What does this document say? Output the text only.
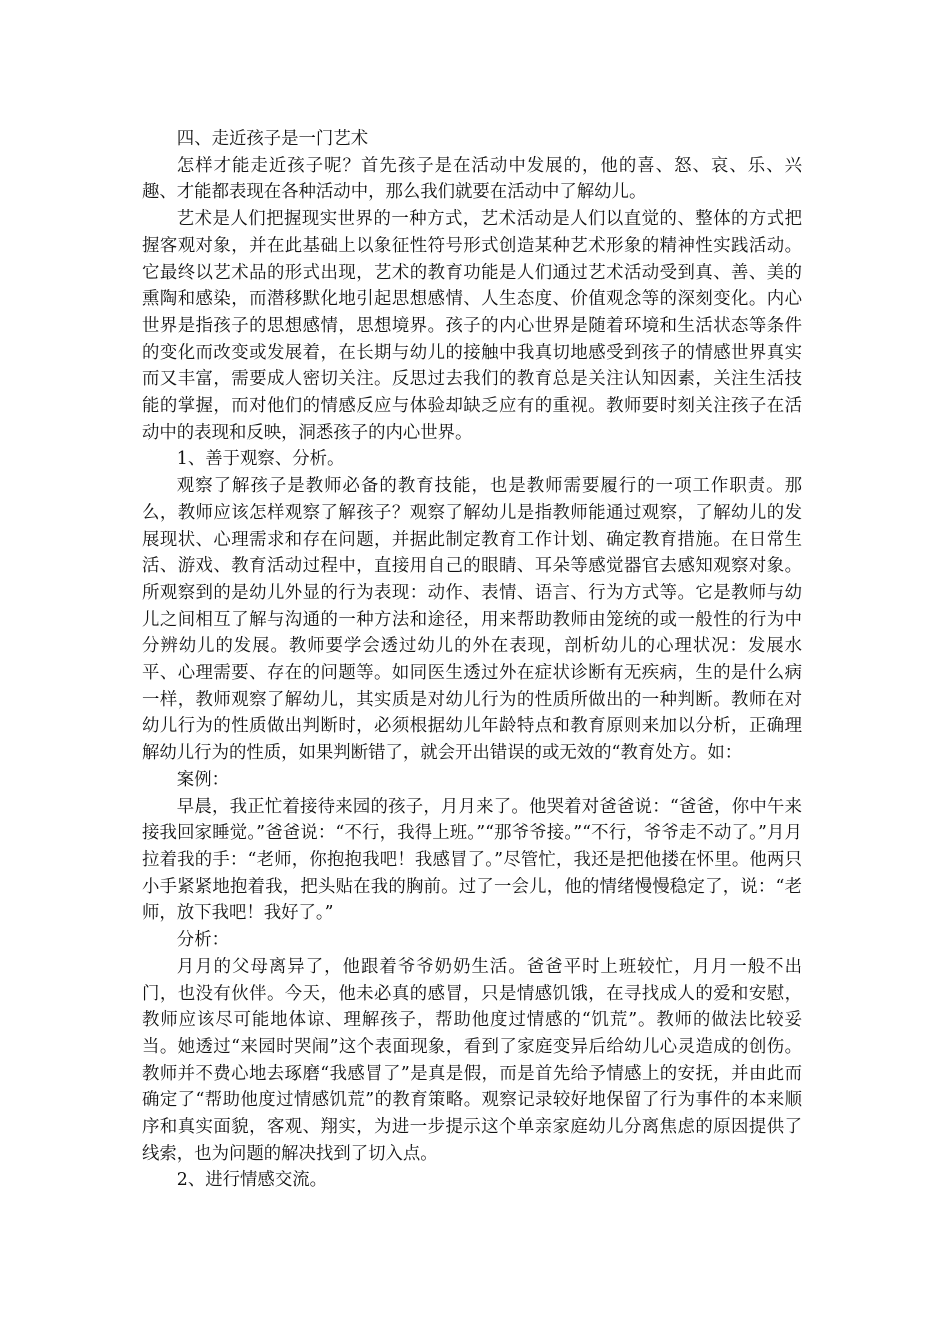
四、走近孩子是一门艺术

怎样才能走近孩子呢？首先孩子是在活动中发展的，他的喜、怒、哀、乐、兴趣、才能都表现在各种活动中，那么我们就要在活动中了解幼儿。

艺术是人们把握现实世界的一种方式，艺术活动是人们以直觉的、整体的方式把握客观对象，并在此基础上以象征性符号形式创造某种艺术形象的精神性实践活动。它最终以艺术品的形式出现，艺术的教育功能是人们通过艺术活动受到真、善、美的熏陶和感染，而潜移默化地引起思想感情、人生态度、价值观念等的深刻变化。内心世界是指孩子的思想感情，思想境界。孩子的内心世界是随着环境和生活状态等条件的变化而改变或发展着，在长期与幼儿的接触中我真切地感受到孩子的情感世界真实而又丰富，需要成人密切关注。反思过去我们的教育总是关注认知因素，关注生活技能的掌握，而对他们的情感反应与体验却缺乏应有的重视。教师要时刻关注孩子在活动中的表现和反映，洞悉孩子的内心世界。

1、善于观察、分析。

观察了解孩子是教师必备的教育技能，也是教师需要履行的一项工作职责。那么，教师应该怎样观察了解孩子？观察了解幼儿是指教师能通过观察，了解幼儿的发展现状、心理需求和存在问题，并据此制定教育工作计划、确定教育措施。在日常生活、游戏、教育活动过程中，直接用自己的眼睛、耳朵等感觉器官去感知观察对象。所观察到的是幼儿外显的行为表现：动作、表情、语言、行为方式等。它是教师与幼儿之间相互了解与沟通的一种方法和途径，用来帮助教师由笼统的或一般性的行为中分辨幼儿的发展。教师要学会透过幼儿的外在表现，剖析幼儿的心理状况：发展水平、心理需要、存在的问题等。如同医生透过外在症状诊断有无疾病，生的是什么病一样，教师观察了解幼儿，其实质是对幼儿行为的性质所做出的一种判断。教师在对幼儿行为的性质做出判断时，必须根据幼儿年龄特点和教育原则来加以分析，正确理解幼儿行为的性质，如果判断错了，就会开出错误的或无效的“教育处方。如：

案例：

早晨，我正忙着接待来园的孩子，月月来了。他哭着对爸爸说：“爸爸，你中午来接我回家睡觉。”爸爸说：“不行，我得上班。”“那爷爷接。”“不行，爷爷走不动了。”月月拉着我的手：“老师，你抱抱我吧！我感冒了。”尽管忙，我还是把他搂在怀里。他两只小手紧紧地抱着我，把头贴在我的胸前。过了一会儿，他的情绪慢慢稳定了，说：“老师，放下我吧！我好了。”

分析：

月月的父母离异了，他跟着爷爷奶奶生活。爸爸平时上班较忙，月月一般不出门，也没有伙伴。今天，他未必真的感冒，只是情感饥饿，在寻找成人的爱和安慰，教师应该尽可能地体谅、理解孩子，帮助他度过情感的“饥荒”。教师的做法比较妥当。她透过“来园时哭闹”这个表面现象，看到了家庭变异后给幼儿心灵造成的创伤。教师并不费心地去琢磨“我感冒了”是真是假，而是首先给予情感上的安抚，并由此而确定了“帮助他度过情感饥荒”的教育策略。观察记录较好地保留了行为事件的本来顺序和真实面貌，客观、翔实，为进一步提示这个单亲家庭幼儿分离焦虑的原因提供了线索，也为问题的解决找到了切入点。

2、进行情感交流。
